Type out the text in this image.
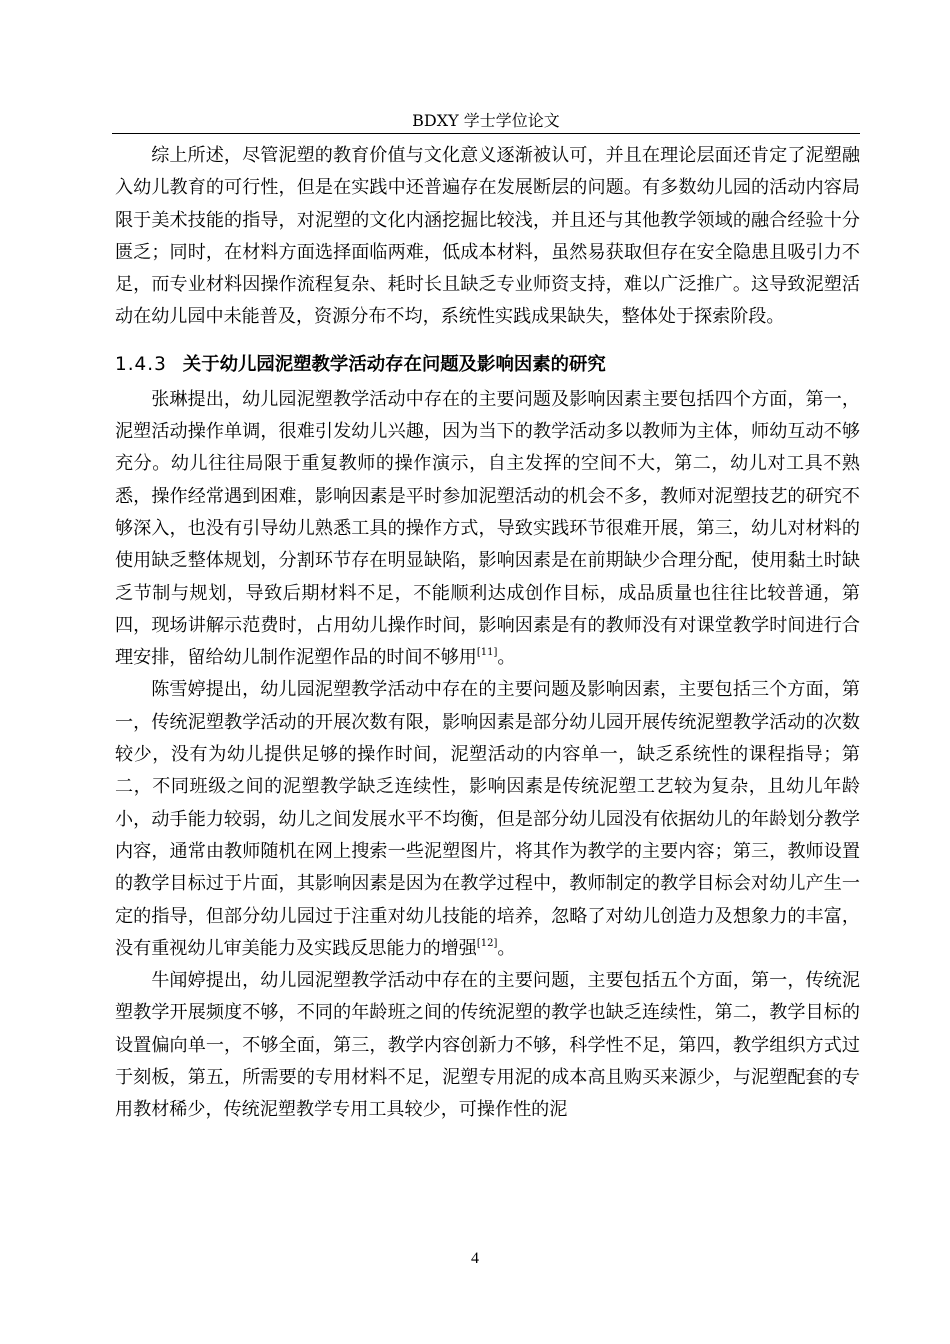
BDXY 学士学位论文

综上所述，尽管泥塑的教育价值与文化意义逐渐被认可，并且在理论层面还肯定了泥塑融入幼儿教育的可行性，但是在实践中还普遍存在发展断层的问题。有多数幼儿园的活动内容局限于美术技能的指导，对泥塑的文化内涵挖掘比较浅，并且还与其他教学领域的融合经验十分匮乏；同时，在材料方面选择面临两难，低成本材料，虽然易获取但存在安全隐患且吸引力不足，而专业材料因操作流程复杂、耗时长且缺乏专业师资支持，难以广泛推广。这导致泥塑活动在幼儿园中未能普及，资源分布不均，系统性实践成果缺失，整体处于探索阶段。

1.4.3 关于幼儿园泥塑教学活动存在问题及影响因素的研究

张琳提出，幼儿园泥塑教学活动中存在的主要问题及影响因素主要包括四个方面，第一，泥塑活动操作单调，很难引发幼儿兴趣，因为当下的教学活动多以教师为主体，师幼互动不够充分。幼儿往往局限于重复教师的操作演示，自主发挥的空间不大，第二，幼儿对工具不熟悉，操作经常遇到困难，影响因素是平时参加泥塑活动的机会不多，教师对泥塑技艺的研究不够深入，也没有引导幼儿熟悉工具的操作方式，导致实践环节很难开展，第三，幼儿对材料的使用缺乏整体规划，分割环节存在明显缺陷，影响因素是在前期缺少合理分配，使用黏土时缺乏节制与规划，导致后期材料不足，不能顺利达成创作目标，成品质量也往往比较普通，第四，现场讲解示范费时，占用幼儿操作时间，影响因素是有的教师没有对课堂教学时间进行合理安排，留给幼儿制作泥塑作品的时间不够用[11]。

陈雪婷提出，幼儿园泥塑教学活动中存在的主要问题及影响因素，主要包括三个方面，第一，传统泥塑教学活动的开展次数有限，影响因素是部分幼儿园开展传统泥塑教学活动的次数较少，没有为幼儿提供足够的操作时间，泥塑活动的内容单一，缺乏系统性的课程指导；第二，不同班级之间的泥塑教学缺乏连续性，影响因素是传统泥塑工艺较为复杂，且幼儿年龄小，动手能力较弱，幼儿之间发展水平不均衡，但是部分幼儿园没有依据幼儿的年龄划分教学内容，通常由教师随机在网上搜索一些泥塑图片，将其作为教学的主要内容；第三，教师设置的教学目标过于片面，其影响因素是因为在教学过程中，教师制定的教学目标会对幼儿产生一定的指导，但部分幼儿园过于注重对幼儿技能的培养，忽略了对幼儿创造力及想象力的丰富，没有重视幼儿审美能力及实践反思能力的增强[12]。

牛闻婷提出，幼儿园泥塑教学活动中存在的主要问题，主要包括五个方面，第一，传统泥塑教学开展频度不够，不同的年龄班之间的传统泥塑的教学也缺乏连续性，第二，教学目标的设置偏向单一，不够全面，第三，教学内容创新力不够，科学性不足，第四，教学组织方式过于刻板，第五，所需要的专用材料不足，泥塑专用泥的成本高且购买来源少，与泥塑配套的专用教材稀少，传统泥塑教学专用工具较少，可操作性的泥

4
